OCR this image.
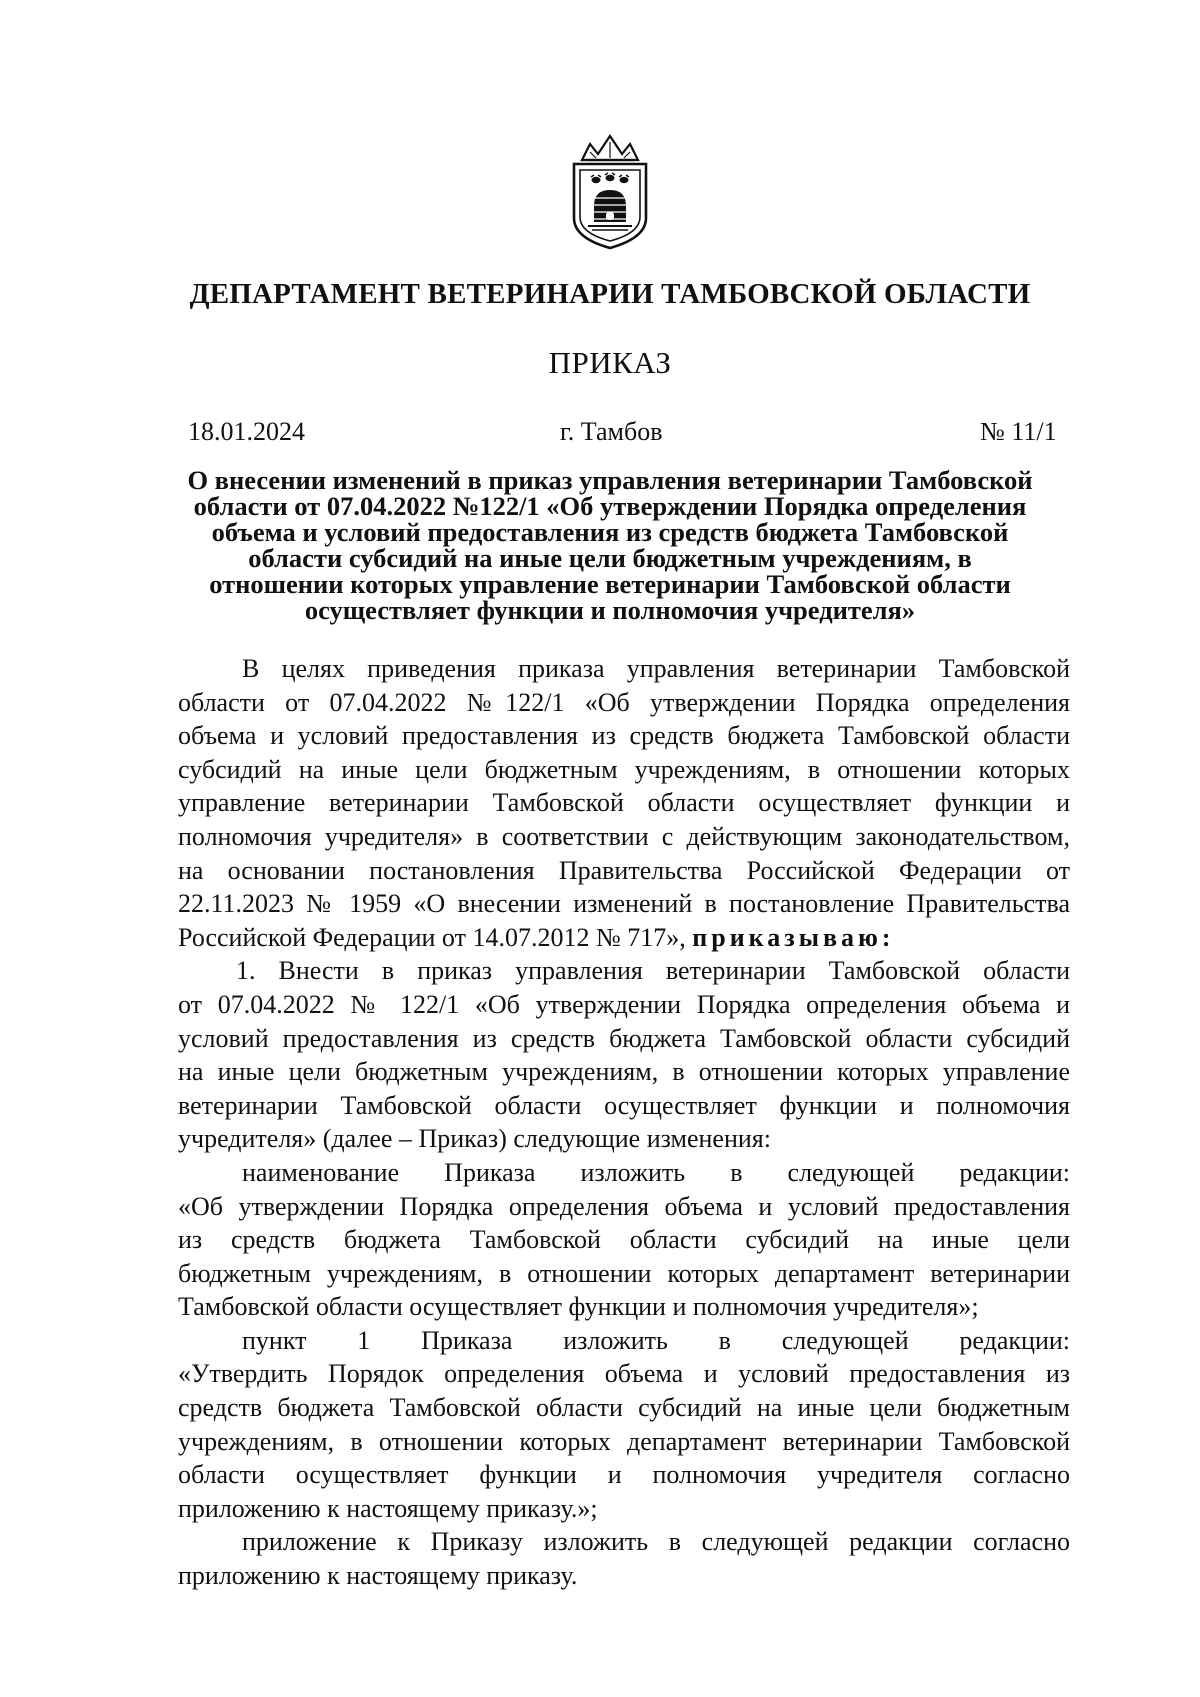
ДЕПАРТАМЕНТ ВЕТЕРИНАРИИ ТАМБОВСКОЙ ОБЛАСТИ
ПРИКАЗ
18.01.2024	г. Тамбов	№ 11/1
О внесении изменений в приказ управления ветеринарии Тамбовской
области от 07.04.2022 №122/1 «Об утверждении Порядка определения
объема и условий предоставления из средств бюджета Тамбовской
области субсидий на иные цели бюджетным учреждениям, в
отношении которых управление ветеринарии Тамбовской области
осуществляет функции и полномочия учредителя»
В целях приведения приказа управления ветеринарии Тамбовской
области от 07.04.2022 №122/1 «Об утверждении Порядка определения
объема и условий предоставления из средств бюджета Тамбовской области
субсидий на иные цели бюджетным учреждениям, в отношении которых
управление ветеринарии Тамбовской области осуществляет функции и
полномочия учредителя» в соответствии с действующим законодательством,
на основании постановления Правительства Российской Федерации от
22.11.2023 № 1959 «О внесении изменений в постановление Правительства
Российской Федерации от 14.07.2012 № 717», приказываю:
1. Внести в приказ управления ветеринарии Тамбовской области
от 07.04.2022 № 122/1 «Об утверждении Порядка определения объема и
условий предоставления из средств бюджета Тамбовской области субсидий
на иные цели бюджетным учреждениям, в отношении которых управление
ветеринарии Тамбовской области осуществляет функции и полномочия
учредителя» (далее – Приказ) следующие изменения:
наименование Приказа изложить в следующей редакции:
«Об утверждении Порядка определения объема и условий предоставления
из средств бюджета Тамбовской области субсидий на иные цели
бюджетным учреждениям, в отношении которых департамент ветеринарии
Тамбовской области осуществляет функции и полномочия учредителя»;
пункт 1 Приказа изложить в следующей редакции:
«Утвердить Порядок определения объема и условий предоставления из
средств бюджета Тамбовской области субсидий на иные цели бюджетным
учреждениям, в отношении которых департамент ветеринарии Тамбовской
области осуществляет функции и полномочия учредителя согласно
приложению к настоящему приказу.»;
приложение к Приказу изложить в следующей редакции согласно
приложению к настоящему приказу.
